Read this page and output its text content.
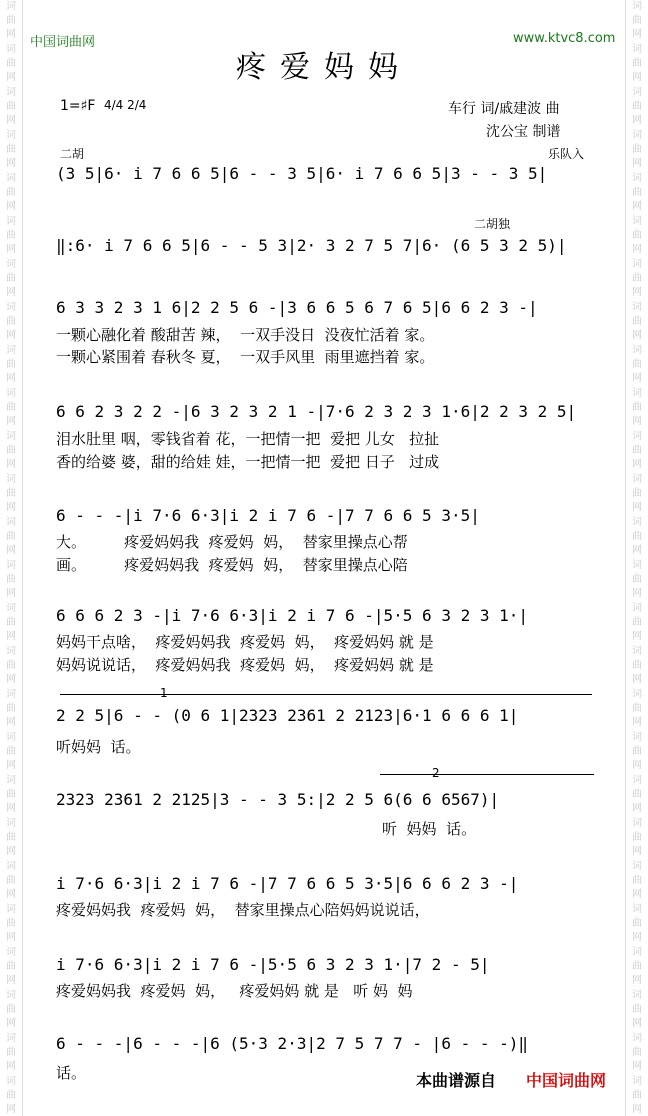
词
曲
网
词
曲
网
词
曲
网
词
曲
网
词
曲
网
词
曲
网
词
曲
网
词
曲
网
词
曲
网
词
曲
网
词
曲
网
词
曲
网
词
曲
网
词
曲
网
词
曲
网
词
曲
网
词
曲
网
词
曲
网
词
曲
网
词
曲
网
词
曲
网
词
曲
网
词
曲
网
词
曲
网
词
曲
网
词
曲
网
词
曲
网
词
曲
网
词
曲
网
词
曲
网
词
曲
网
词
曲
网
词
曲
网
词
曲
网
词
曲
网
词
曲
网
词
曲
网
词
曲
网
词
曲
网
词
曲
网
词
曲
网
词
曲
网
词
曲
网
词
曲
网
词
曲
网
词
曲
网
词
曲
网
词
曲
网
词
曲
网
词
曲
网
词
曲
网
词
曲
网
中国词曲网	www.ktvc8.com
疼爱妈妈
1=♯F 4/4 2/4	车行 词/戚建波 曲
沈公宝 制谱
二胡	乐队入
二胡独
(3 5|6· i 7 6 6 5|6 - - 3 5|6· i 7 6 6 5|3 - - 3 5|
‖:6· i 7 6 6 5|6 - - 5 3|2· 3 2 7 5 7|6· (6 5 3 2 5)|
6 3 3 2 3 1 6|2 2 5 6 -|3 6 6 5 6 7 6 5|6 6 2 3 -|
一颗心融化着 酸甜苦 辣，  一双手没日  没夜忙活着 家。
一颗心紧围着 春秋冬 夏，  一双手风里  雨里遮挡着 家。
6 6 2 3 2 2 -|6 3 2 3 2 1 -|7·6 2 3 2 3 1·6|2 2 3 2 5|
泪水肚里 咽，零钱省着 花，一把情一把  爱把 儿女   拉扯
香的给婆 婆，甜的给娃 娃，一把情一把  爱把 日子   过成
6 - - -|i 7·6 6·3|i 2 i 7 6 -|7 7 6 6 5 3·5|
大。        疼爱妈妈我  疼爱妈  妈，  替家里操点心帮
画。        疼爱妈妈我  疼爱妈  妈，  替家里操点心陪
6 6 6 2 3 -|i 7·6 6·3|i 2 i 7 6 -|5·5 6 3 2 3 1·|
妈妈干点啥，  疼爱妈妈我  疼爱妈  妈，  疼爱妈妈 就 是
妈妈说说话，  疼爱妈妈我  疼爱妈  妈，  疼爱妈妈 就 是
1
2 2 5|6 - - (0 6 1|2323 2361 2 2123|6·1 6 6 6 1|
听妈妈  话。
2
2323 2361 2 2125|3 - - 3 5:|2 2 5 6(6 6 6567)|
听  妈妈  话。
i 7·6 6·3|i 2 i 7 6 -|7 7 6 6 5 3·5|6 6 6 2 3 -|
疼爱妈妈我  疼爱妈  妈，  替家里操点心陪妈妈说说话，
i 7·6 6·3|i 2 i 7 6 -|5·5 6 3 2 3 1·|7 2 - 5|
疼爱妈妈我  疼爱妈  妈，   疼爱妈妈 就 是   听 妈  妈
6 - - -|6 - - -|6 (5·3 2·3|2 7 5 7 7 - |6 - - -)‖
话。	本曲谱源自 中国词曲网
